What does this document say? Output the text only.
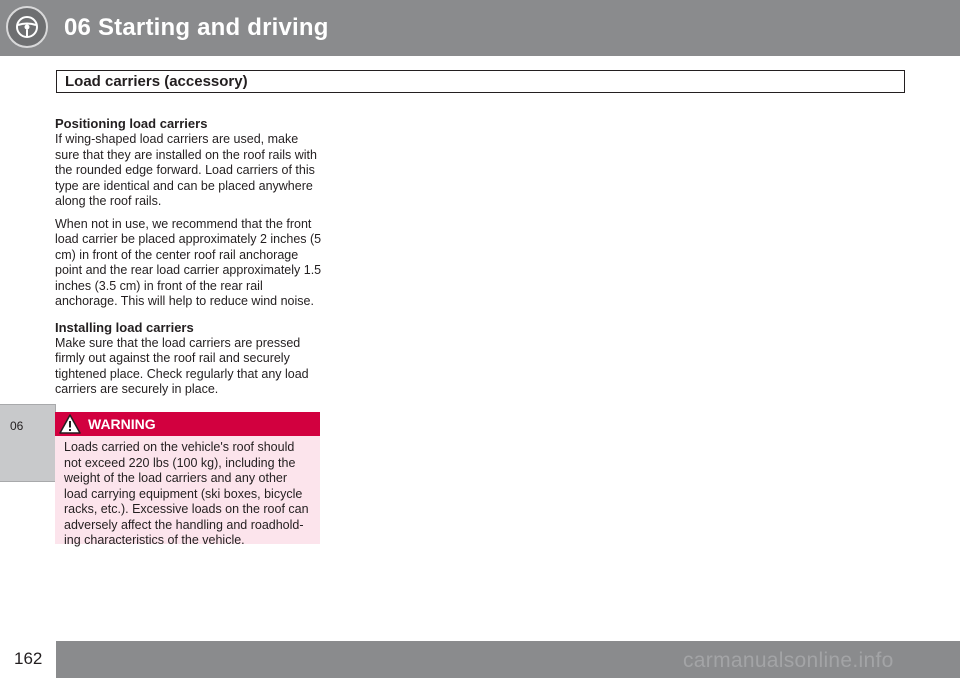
06 Starting and driving
Load carriers (accessory)
06
Positioning load carriers
If wing-shaped load carriers are used, make sure that they are installed on the roof rails with the rounded edge forward. Load carriers of this type are identical and can be placed anywhere along the roof rails.
When not in use, we recommend that the front load carrier be placed approximately 2 inches (5 cm) in front of the center roof rail anchorage point and the rear load carrier approximately 1.5 inches (3.5 cm) in front of the rear rail anchorage. This will help to reduce wind noise.
Installing load carriers
Make sure that the load carriers are pressed firmly out against the roof rail and securely tightened place. Check regularly that any load carriers are securely in place.
WARNING
Loads carried on the vehicle's roof should not exceed 220 lbs (100 kg), including the weight of the load carriers and any other load carrying equipment (ski boxes, bicycle racks, etc.). Excessive loads on the roof can adversely affect the handling and roadhold-ing characteristics of the vehicle.
162	carmanualsonline.info
